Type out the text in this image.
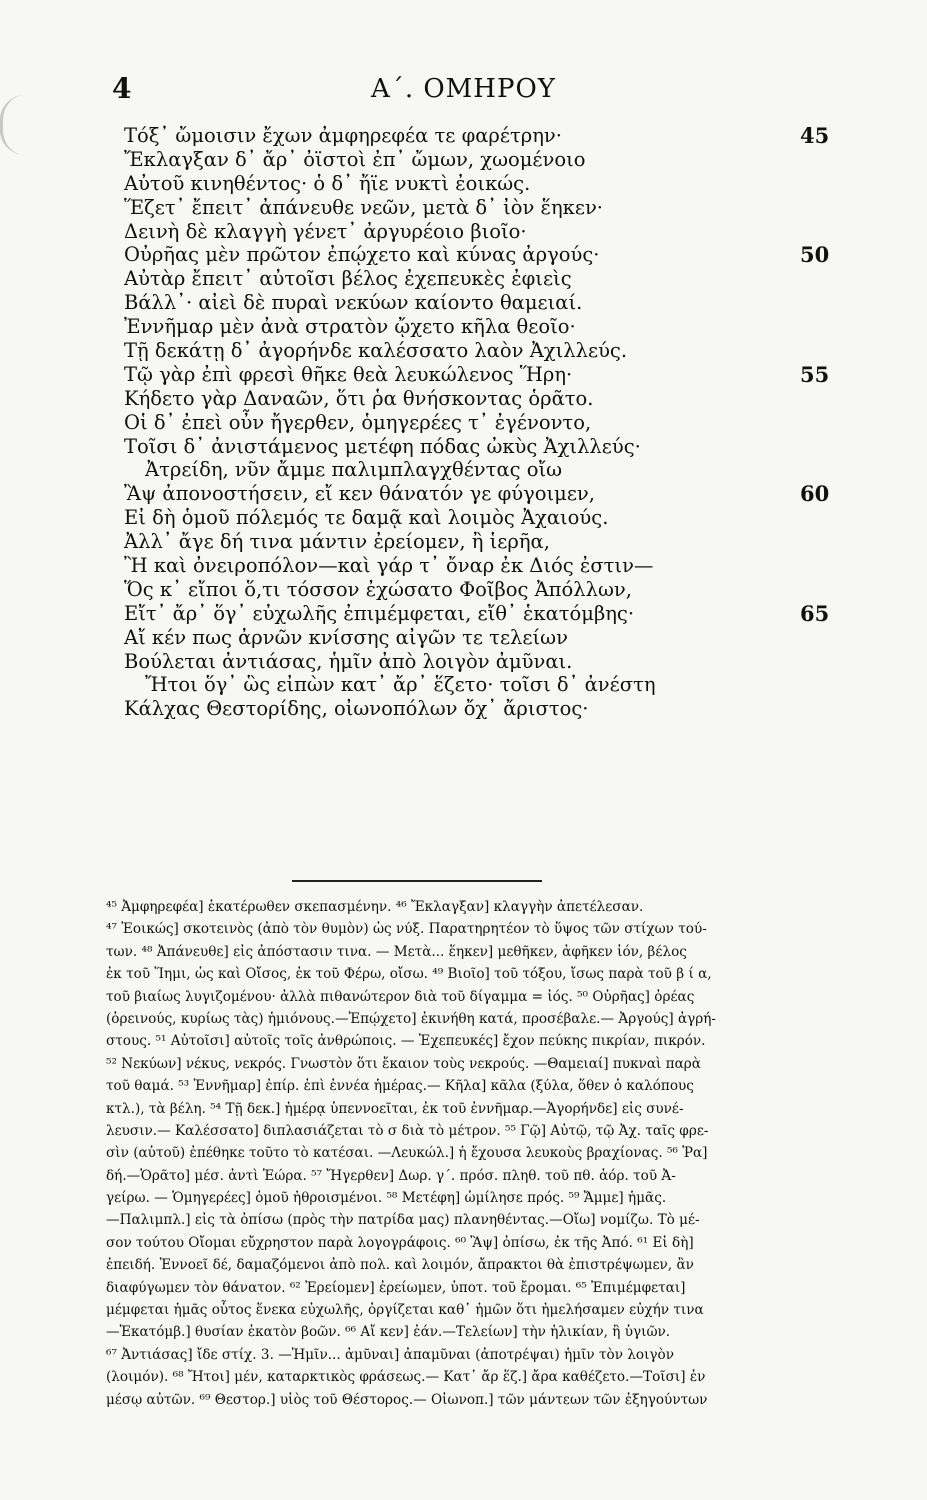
4	Α΄. ΟΜΗΡΟΥ
Τόξ᾽ ὤμοισιν ἔχων ἀμφηρεφέα τε φαρέτρην·	45
Ἔκλαγξαν δ᾽ ἄρ᾽ ὀϊστοὶ ἐπ᾽ ὤμων, χωομένοιο
Αὐτοῦ κινηθέντος· ὁ δ᾽ ἤϊε νυκτὶ ἐοικώς.
Ἕζετ᾽ ἔπειτ᾽ ἀπάνευθε νεῶν, μετὰ δ᾽ ἰὸν ἕηκεν·
Δεινὴ δὲ κλαγγὴ γένετ᾽ ἀργυρέοιο βιοῖο·
Οὐρῆας μὲν πρῶτον ἐπῴχετο καὶ κύνας ἀργούς·	50
Αὐτὰρ ἔπειτ᾽ αὐτοῖσι βέλος ἐχεπευκὲς ἐφιεὶς
Βάλλ᾽· αἰεὶ δὲ πυραὶ νεκύων καίοντο θαμειαί.
Ἐννῆμαρ μὲν ἀνὰ στρατὸν ᾤχετο κῆλα θεοῖο·
Τῇ δεκάτῃ δ᾽ ἀγορήνδε καλέσσατο λαὸν Ἀχιλλεύς.
Τῷ γὰρ ἐπὶ φρεσὶ θῆκε θεὰ λευκώλενος Ἥρη·	55
Κήδετο γὰρ Δαναῶν, ὅτι ῥα θνήσκοντας ὁρᾶτο.
Οἱ δ᾽ ἐπεὶ οὖν ἤγερθεν, ὁμηγερέες τ᾽ ἐγένοντο,
Τοῖσι δ᾽ ἀνιστάμενος μετέφη πόδας ὠκὺς Ἀχιλλεύς·
Ἀτρείδη, νῦν ἄμμε παλιμπλαγχθέντας οἴω
Ἂψ ἀπονοστήσειν, εἴ κεν θάνατόν γε φύγοιμεν,	60
Εἰ δὴ ὁμοῦ πόλεμός τε δαμᾷ καὶ λοιμὸς Ἀχαιούς.
Ἀλλ᾽ ἄγε δή τινα μάντιν ἐρείομεν, ἢ ἱερῆα,
Ἢ καὶ ὀνειροπόλον—καὶ γάρ τ᾽ ὄναρ ἐκ Διός ἐστιν—
Ὅς κ᾽ εἴποι ὅ,τι τόσσον ἐχώσατο Φοῖβος Ἀπόλλων,
Εἴτ᾽ ἄρ᾽ ὅγ᾽ εὐχωλῆς ἐπιμέμφεται, εἴθ᾽ ἑκατόμβης·	65
Αἴ κέν πως ἀρνῶν κνίσσης αἰγῶν τε τελείων
Βούλεται ἀντιάσας, ἡμῖν ἀπὸ λοιγὸν ἀμῦναι.
Ἤτοι ὅγ᾽ ὣς εἰπὼν κατ᾽ ἄρ᾽ ἕζετο· τοῖσι δ᾽ ἀνέστη
Κάλχας Θεστορίδης, οἰωνοπόλων ὄχ᾽ ἄριστος·
⁴⁵ Ἀμφηρεφέα] ἑκατέρωθεν σκεπασμένην. ⁴⁶ Ἔκλαγξαν] κλαγγὴν ἀπετέλεσαν.
⁴⁷ Ἐοικώς] σκοτεινὸς (ἀπὸ τὸν θυμὸν) ὡς νύξ. Παρατηρητέον τὸ ὕψος τῶν στίχων τού-
των. ⁴⁸ Ἀπάνευθε] εἰς ἀπόστασιν τινα. — Μετὰ... ἕηκεν] μεθῆκεν, ἀφῆκεν ἰόν, βέλος
ἐκ τοῦ Ἵημι, ὡς καὶ Οἴσος, ἐκ τοῦ Φέρω, οἴσω. ⁴⁹ Βιοῖο] τοῦ τόξου, ἴσως παρὰ τοῦ β ί α,
τοῦ βιαίως λυγιζομένου· ἀλλὰ πιθανώτερον διὰ τοῦ δίγαμμα = ἰός. ⁵⁰ Οὐρῆας] ὀρέας
(ὀρεινούς, κυρίως τὰς) ἡμιόνους.—Ἐπῴχετο] ἐκινήθη κατά, προσέβαλε.— Ἀργούς] ἀγρή-
στους. ⁵¹ Αὐτοῖσι] αὐτοῖς τοῖς ἀνθρώποις. — Ἐχεπευκές] ἔχον πεύκης πικρίαν, πικρόν.
⁵² Νεκύων] νέκυς, νεκρός. Γνωστὸν ὅτι ἔκαιον τοὺς νεκρούς. —Θαμειαί] πυκναὶ παρὰ
τοῦ θαμά. ⁵³ Ἐννῆμαρ] ἐπίρ. ἐπὶ ἐννέα ἡμέρας.— Κῆλα] κᾶλα (ξύλα, ὅθεν ὁ καλόπους
κτλ.), τὰ βέλη. ⁵⁴ Τῇ δεκ.] ἡμέρᾳ ὑπεννοεῖται, ἐκ τοῦ ἐννῆμαρ.—Ἀγορήνδε] εἰς συνέ-
λευσιν.— Καλέσσατο] διπλασιάζεται τὸ σ διὰ τὸ μέτρον. ⁵⁵ Γῷ] Αὐτῷ, τῷ Ἀχ. ταῖς φρε-
σὶν (αὐτοῦ) ἐπέθηκε τοῦτο τὸ κατέσαι. —Λευκώλ.] ἡ ἔχουσα λευκοὺς βραχίονας. ⁵⁶ Ῥα]
δή.—Ὁρᾶτο] μέσ. ἀντὶ Ἑώρα. ⁵⁷ Ἤγερθεν] Δωρ. γ΄. πρόσ. πληθ. τοῦ πθ. ἀόρ. τοῦ Ἀ-
γείρω. — Ὁμηγερέες] ὁμοῦ ἠθροισμένοι. ⁵⁸ Μετέφη] ὡμίλησε πρός. ⁵⁹ Ἄμμε] ἡμᾶς.
—Παλιμπλ.] εἰς τὰ ὀπίσω (πρὸς τὴν πατρίδα μας) πλανηθέντας.—Οἴω] νομίζω. Τὸ μέ-
σον τούτου Οἴομαι εὔχρηστον παρὰ λογογράφοις. ⁶⁰ Ἂψ] ὀπίσω, ἐκ τῆς Ἀπό. ⁶¹ Εἰ δὴ]
ἐπειδή. Ἐννοεῖ δέ, δαμαζόμενοι ἀπὸ πολ. καὶ λοιμόν, ἄπρακτοι θὰ ἐπιστρέψωμεν, ἂν
διαφύγωμεν τὸν θάνατον. ⁶² Ἐρείομεν] ἐρείωμεν, ὑποτ. τοῦ ἔρομαι. ⁶⁵ Ἐπιμέμφεται]
μέμφεται ἡμᾶς οὗτος ἕνεκα εὐχωλῆς, ὀργίζεται καθ᾽ ἡμῶν ὅτι ἠμελήσαμεν εὐχήν τινα
—Ἑκατόμβ.] θυσίαν ἑκατὸν βοῶν. ⁶⁶ Αἴ κεν] ἐάν.—Τελείων] τὴν ἡλικίαν, ἢ ὑγιῶν.
⁶⁷ Ἀντιάσας] ἴδε στίχ. 3. —Ἡμῖν... ἀμῦναι] ἀπαμῦναι (ἀποτρέψαι) ἡμῖν τὸν λοιγὸν
(λοιμόν). ⁶⁸ Ἤτοι] μέν, καταρκτικὸς φράσεως.— Κατ᾽ ἄρ ἕζ.] ἄρα καθέζετο.—Τοῖσι] ἐν
μέσῳ αὐτῶν. ⁶⁹ Θεστορ.] υἱὸς τοῦ Θέστορος.— Οἰωνοπ.] τῶν μάντεων τῶν ἐξηγούντων
